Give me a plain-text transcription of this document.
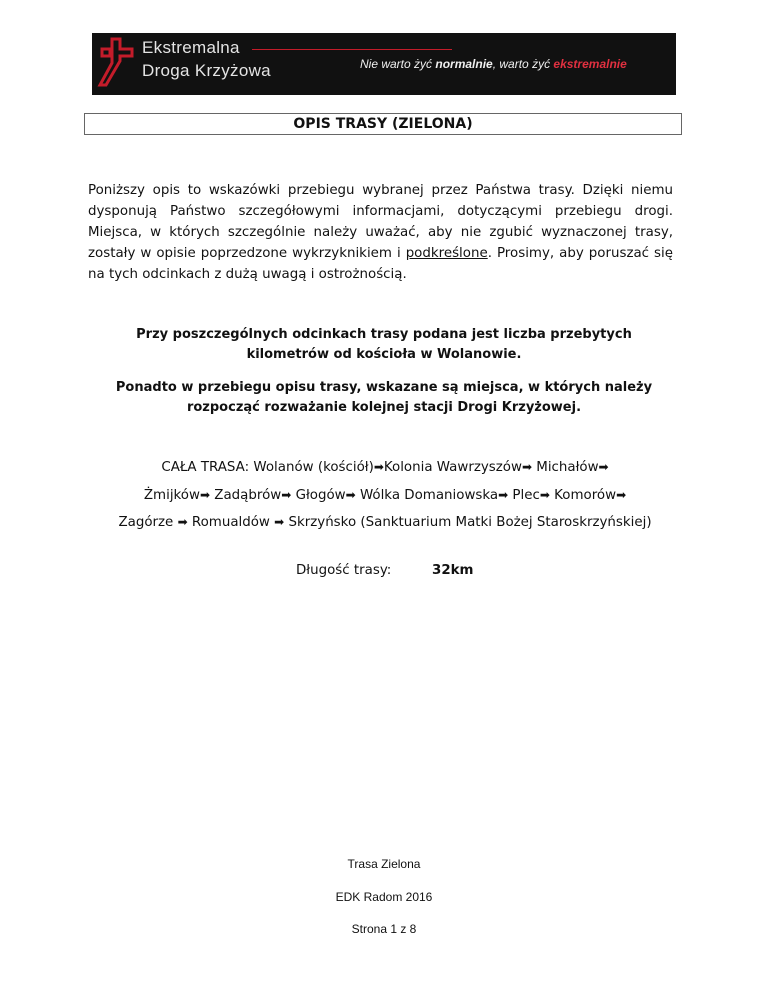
Ekstremalna
Droga Krzyżowa	Nie warto żyć normalnie, warto żyć ekstremalnie
OPIS TRASY (ZIELONA)
Poniższy opis to wskazówki przebiegu wybranej przez Państwa trasy. Dzięki niemu dysponują Państwo szczegółowymi informacjami, dotyczącymi przebiegu drogi. Miejsca, w których szczególnie należy uważać, aby nie zgubić wyznaczonej trasy, zostały w opisie poprzedzone wykrzyknikiem i podkreślone. Prosimy, aby poruszać się na tych odcinkach z dużą uwagą i ostrożnością.
Przy poszczególnych odcinkach trasy podana jest liczba przebytych kilometrów od kościoła w Wolanowie.
Ponadto w przebiegu opisu trasy, wskazane są miejsca, w których należy rozpocząć rozważanie kolejnej stacji Drogi Krzyżowej.
CAŁA TRASA: Wolanów (kościół)➡Kolonia Wawrzyszów➡ Michałów➡
Żmijków➡ Zadąbrów➡ Głogów➡ Wólka Domaniowska➡ Plec➡ Komorów➡
Zagórze ➡ Romualdów ➡ Skrzyńsko (Sanktuarium Matki Bożej Staroskrzyńskiej)
Długość trasy:	32km
Trasa Zielona
EDK Radom 2016
Strona 1 z 8
